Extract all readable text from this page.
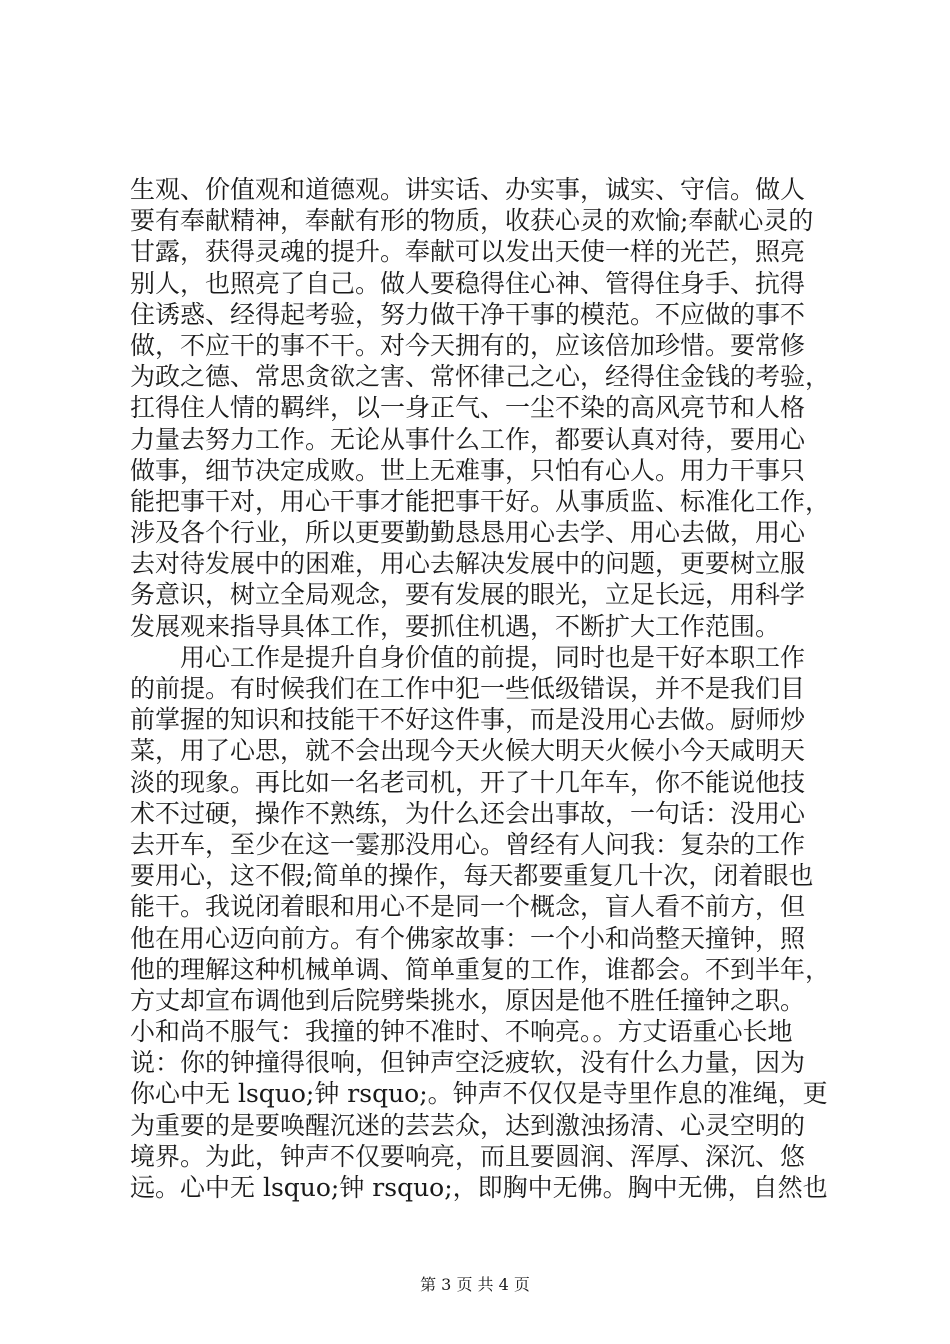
生观、价值观和道德观。讲实话、办实事，诚实、守信。做人
要有奉献精神，奉献有形的物质，收获心灵的欢愉;奉献心灵的
甘露，获得灵魂的提升。奉献可以发出天使一样的光芒，照亮
别人，也照亮了自己。做人要稳得住心神、管得住身手、抗得
住诱惑、经得起考验，努力做干净干事的模范。不应做的事不
做，不应干的事不干。对今天拥有的，应该倍加珍惜。要常修
为政之德、常思贪欲之害、常怀律己之心，经得住金钱的考验，
扛得住人情的羁绊，以一身正气、一尘不染的高风亮节和人格
力量去努力工作。无论从事什么工作，都要认真对待，要用心
做事，细节决定成败。世上无难事，只怕有心人。用力干事只
能把事干对，用心干事才能把事干好。从事质监、标准化工作，
涉及各个行业，所以更要勤勤恳恳用心去学、用心去做，用心
去对待发展中的困难，用心去解决发展中的问题，更要树立服
务意识，树立全局观念，要有发展的眼光，立足长远，用科学
发展观来指导具体工作，要抓住机遇，不断扩大工作范围。
　　用心工作是提升自身价值的前提，同时也是干好本职工作
的前提。有时候我们在工作中犯一些低级错误，并不是我们目
前掌握的知识和技能干不好这件事，而是没用心去做。厨师炒
菜，用了心思，就不会出现今天火候大明天火候小今天咸明天
淡的现象。再比如一名老司机，开了十几年车，你不能说他技
术不过硬，操作不熟练，为什么还会出事故，一句话：没用心
去开车，至少在这一霎那没用心。曾经有人问我：复杂的工作
要用心，这不假;简单的操作，每天都要重复几十次，闭着眼也
能干。我说闭着眼和用心不是同一个概念，盲人看不前方，但
他在用心迈向前方。有个佛家故事：一个小和尚整天撞钟，照
他的理解这种机械单调、简单重复的工作，谁都会。不到半年，
方丈却宣布调他到后院劈柴挑水，原因是他不胜任撞钟之职。
小和尚不服气：我撞的钟不准时、不响亮。。方丈语重心长地
说：你的钟撞得很响，但钟声空泛疲软，没有什么力量，因为
你心中无 lsquo;钟 rsquo;。钟声不仅仅是寺里作息的准绳，更
为重要的是要唤醒沉迷的芸芸众，达到激浊扬清、心灵空明的
境界。为此，钟声不仅要响亮，而且要圆润、浑厚、深沉、悠
远。心中无 lsquo;钟 rsquo;，即胸中无佛。胸中无佛，自然也
第 3 页 共 4 页
